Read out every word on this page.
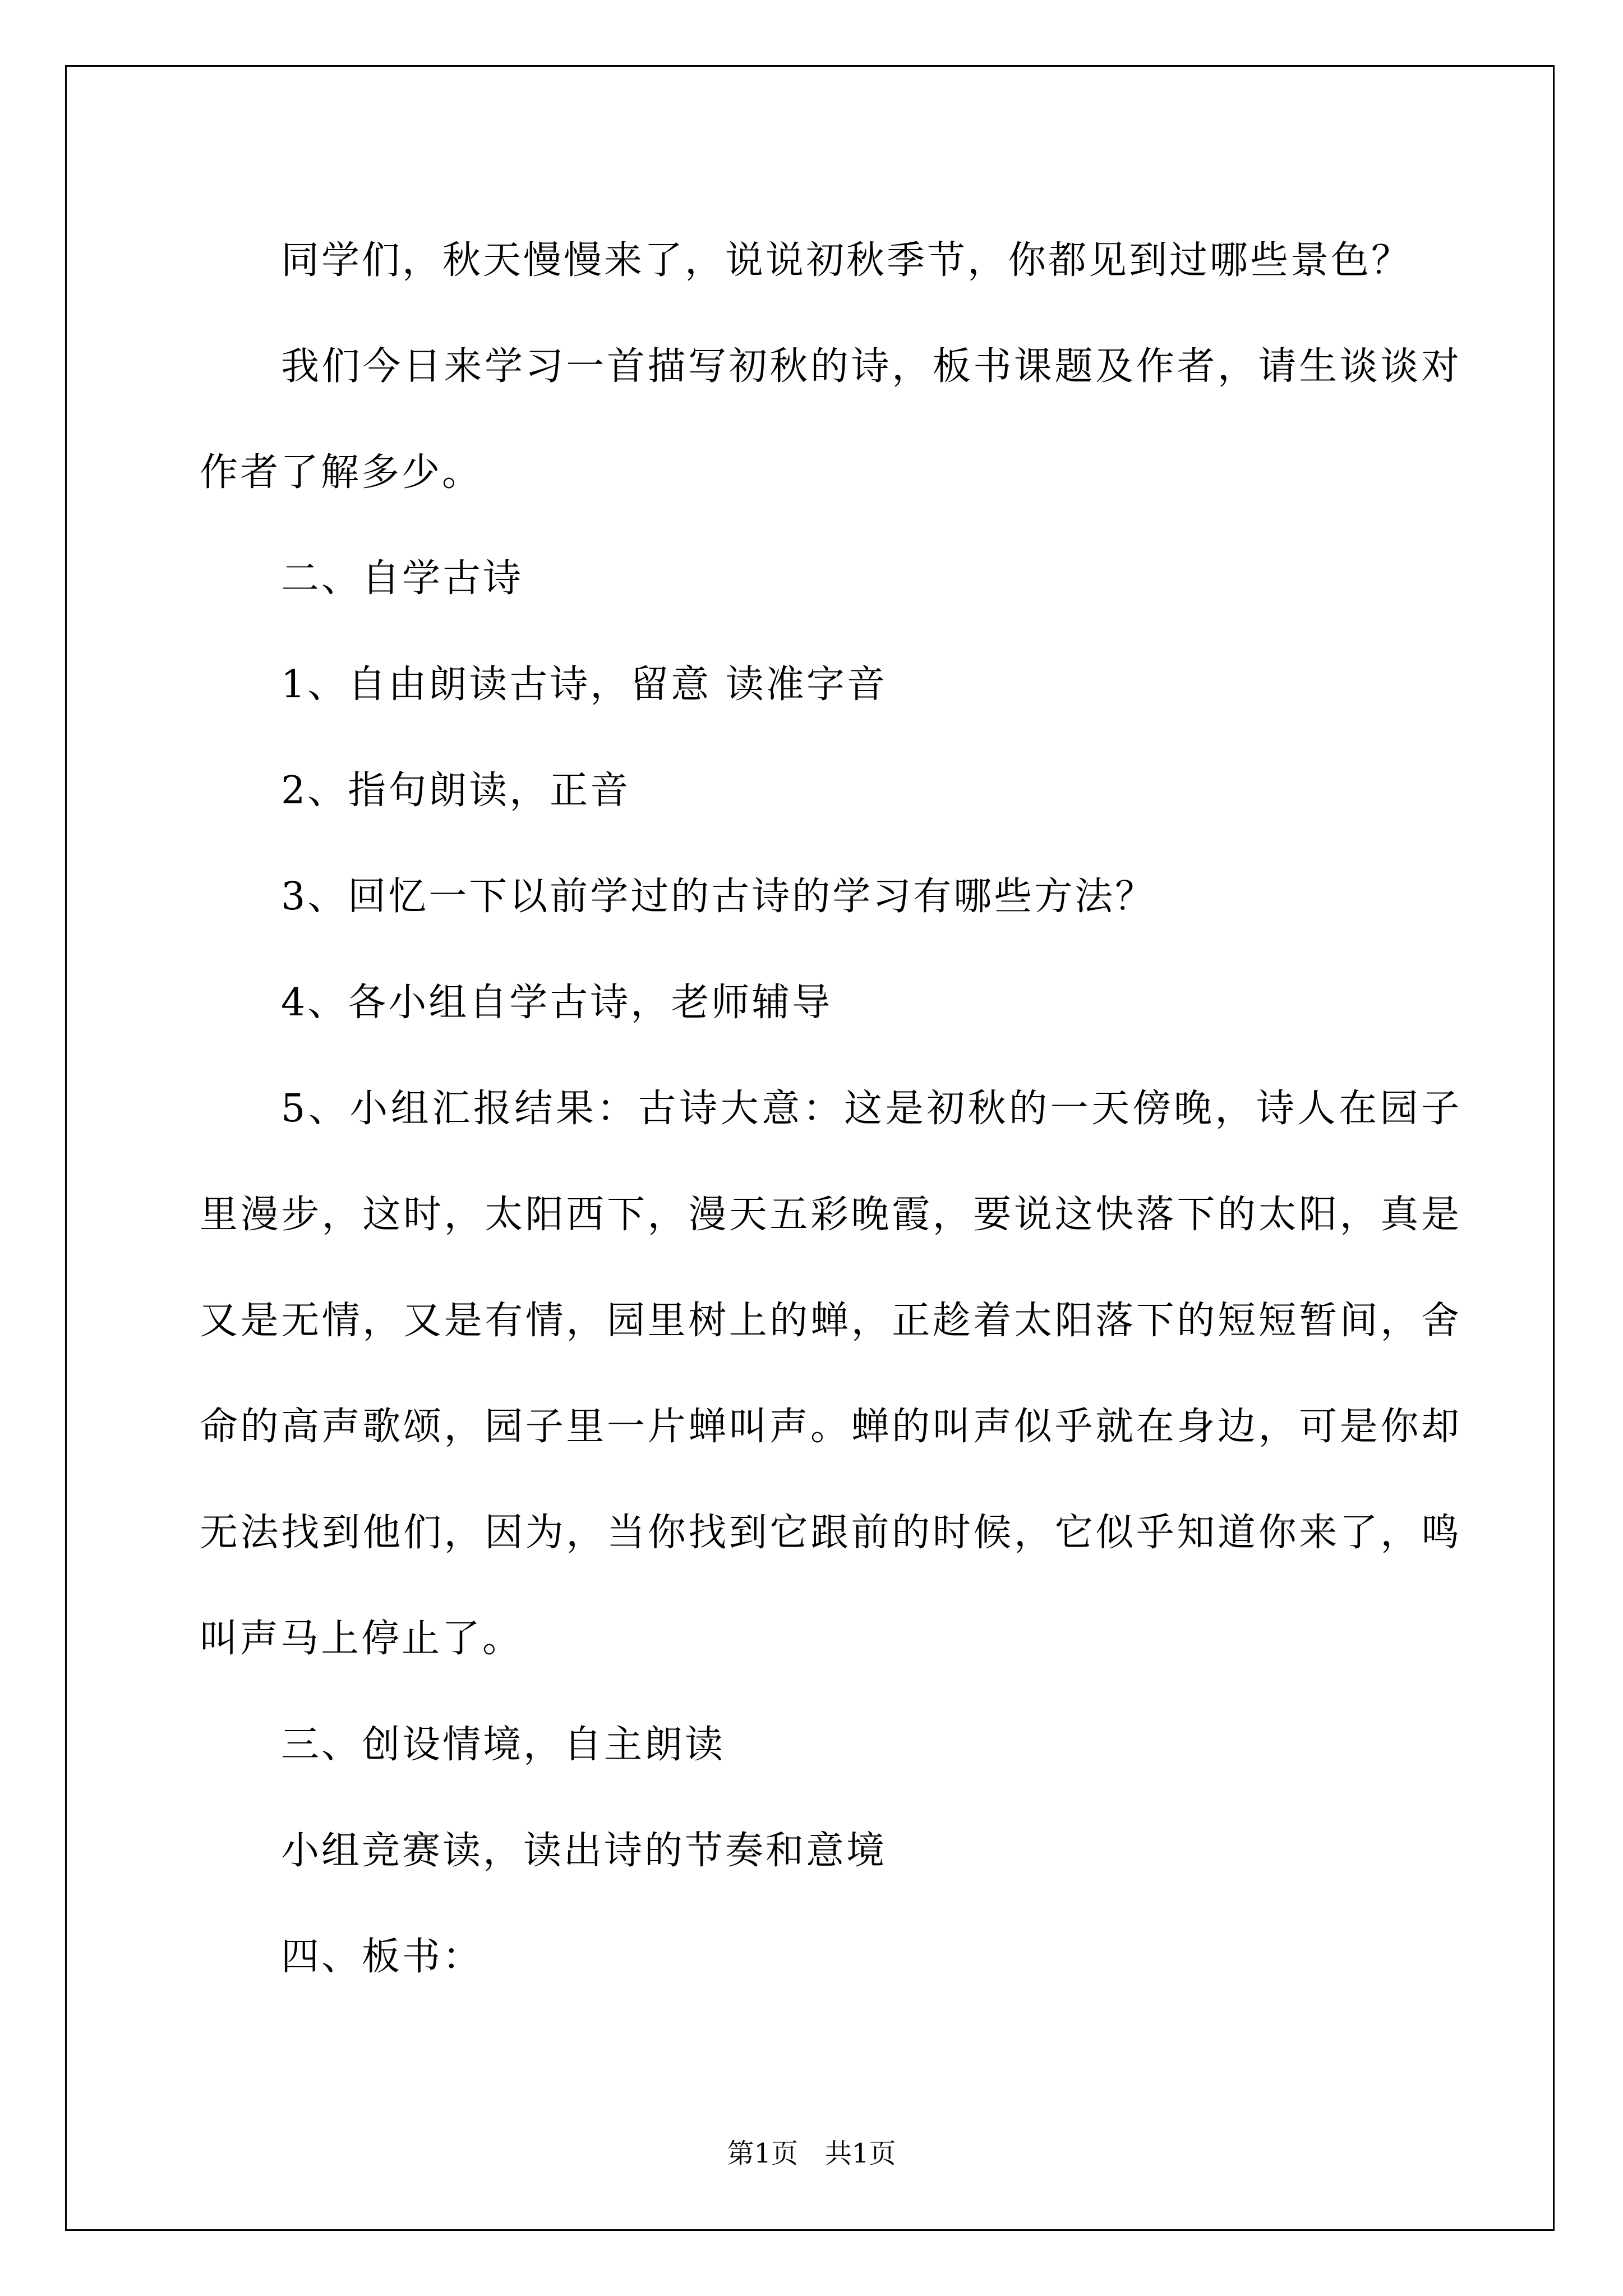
同学们，秋天慢慢来了，说说初秋季节，你都见到过哪些景色？

我们今日来学习一首描写初秋的诗，板书课题及作者，请生谈谈对作者了解多少。

二、自学古诗

1、自由朗读古诗，留意 读准字音

2、指句朗读，正音

3、回忆一下以前学过的古诗的学习有哪些方法？

4、各小组自学古诗，老师辅导

5、小组汇报结果：古诗大意：这是初秋的一天傍晚，诗人在园子里漫步，这时，太阳西下，漫天五彩晚霞，要说这快落下的太阳，真是又是无情，又是有情，园里树上的蝉，正趁着太阳落下的短短暂间，舍命的高声歌颂，园子里一片蝉叫声。蝉的叫声似乎就在身边，可是你却无法找到他们，因为，当你找到它跟前的时候，它似乎知道你来了，鸣叫声马上停止了。

三、创设情境，自主朗读

小组竞赛读，读出诗的节奏和意境

四、板书：

第1页　共1页
